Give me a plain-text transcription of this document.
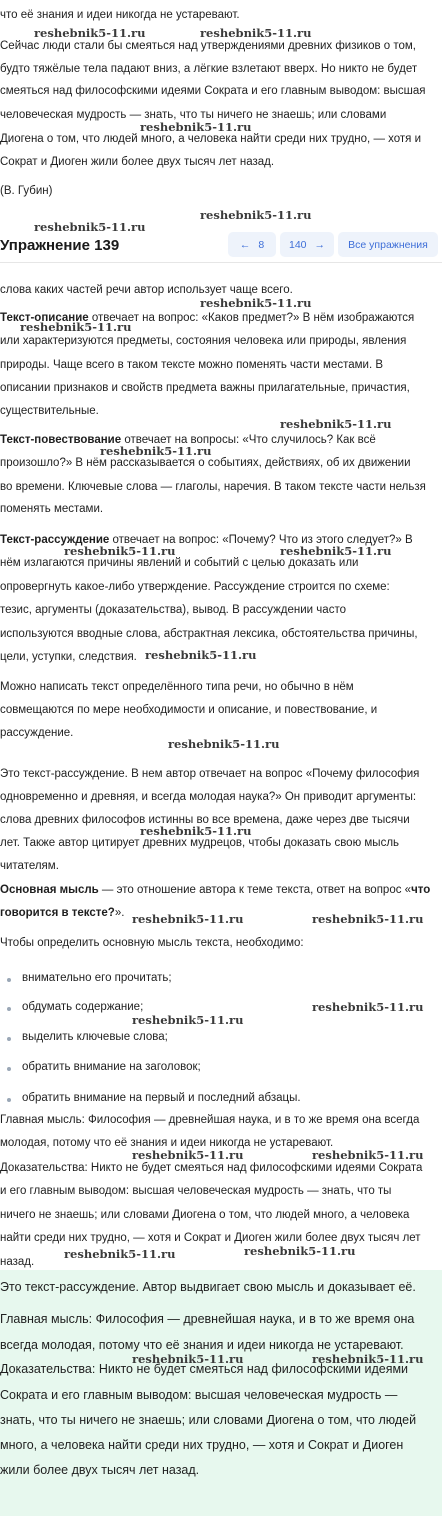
что её знания и идеи никогда не устаревают.
Сейчас люди стали бы смеяться над утверждениями древних физиков о том,
будто тяжёлые тела падают вниз, а лёгкие взлетают вверх. Но никто не будет
смеяться над философскими идеями Сократа и его главным выводом: высшая
человеческая мудрость — знать, что ты ничего не знаешь; или словами
Диогена о том, что людей много, а человека найти среди них трудно, — хотя и
Сократ и Диоген жили более двух тысяч лет назад.
(В. Губин)
Упражнение 139	← 8 140 → Все упражнения
слова каких частей речи автор использует чаще всего.
Текст-описание отвечает на вопрос: «Каков предмет?» В нём изображаются
или характеризуются предметы, состояния человека или природы, явления
природы. Чаще всего в таком тексте можно поменять части местами. В
описании признаков и свойств предмета важны прилагательные, причастия,
существительные.
Текст-повествование отвечает на вопросы: «Что случилось? Как всё
произошло?» В нём рассказывается о событиях, действиях, об их движении
во времени. Ключевые слова — глаголы, наречия. В таком тексте части нельзя
поменять местами.
Текст-рассуждение отвечает на вопрос: «Почему? Что из этого следует?» В
нём излагаются причины явлений и событий с целью доказать или
опровергнуть какое-либо утверждение. Рассуждение строится по схеме:
тезис, аргументы (доказательства), вывод. В рассуждении часто
используются вводные слова, абстрактная лексика, обстоятельства причины,
цели, уступки, следствия.
Можно написать текст определённого типа речи, но обычно в нём
совмещаются по мере необходимости и описание, и повествование, и
рассуждение.
Это текст-рассуждение. В нем автор отвечает на вопрос «Почему философия
одновременно и древняя, и всегда молодая наука?» Он приводит аргументы:
слова древних философов истинны во все времена, даже через две тысячи
лет. Также автор цитирует древних мудрецов, чтобы доказать свою мысль
читателям.
Основная мысль — это отношение автора к теме текста, ответ на вопрос «что
говорится в тексте?».
Чтобы определить основную мысль текста, необходимо:
внимательно его прочитать;
обдумать содержание;
выделить ключевые слова;
обратить внимание на заголовок;
обратить внимание на первый и последний абзацы.
Главная мысль: Философия — древнейшая наука, и в то же время она всегда
молодая, потому что её знания и идеи никогда не устаревают.
Доказательства: Никто не будет смеяться над философскими идеями Сократа
и его главным выводом: высшая человеческая мудрость — знать, что ты
ничего не знаешь; или словами Диогена о том, что людей много, а человека
найти среди них трудно, — хотя и Сократ и Диоген жили более двух тысяч лет
назад.
Это текст-рассуждение. Автор выдвигает свою мысль и доказывает её.
Главная мысль: Философия — древнейшая наука, и в то же время она
всегда молодая, потому что её знания и идеи никогда не устаревают.
Доказательства: Никто не будет смеяться над философскими идеями
Сократа и его главным выводом: высшая человеческая мудрость —
знать, что ты ничего не знаешь; или словами Диогена о том, что людей
много, а человека найти среди них трудно, — хотя и Сократ и Диоген
жили более двух тысяч лет назад.
reshebnik5-11.ru	reshebnik5-11.ru
reshebnik5-11.ru
reshebnik5-11.ru
reshebnik5-11.ru
reshebnik5-11.ru
reshebnik5-11.ru
reshebnik5-11.ru
reshebnik5-11.ru
reshebnik5-11.ru	reshebnik5-11.ru
reshebnik5-11.ru
reshebnik5-11.ru
reshebnik5-11.ru
reshebnik5-11.ru	reshebnik5-11.ru
reshebnik5-11.ru
reshebnik5-11.ru
reshebnik5-11.ru	reshebnik5-11.ru
reshebnik5-11.ru	reshebnik5-11.ru
reshebnik5-11.ru	reshebnik5-11.ru
